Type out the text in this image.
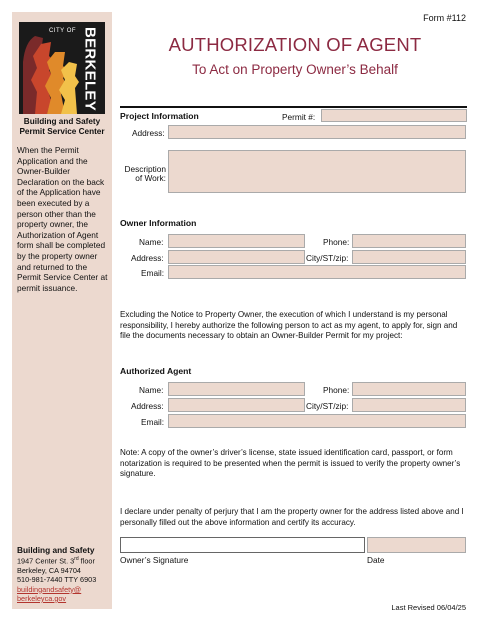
CITY OF BERKELEY
Building and Safety
Permit Service Center
When the Permit Application and the Owner-Builder Declaration on the back of the Application have been executed by a person other than the property owner, the Authorization of Agent form shall be completed by the property owner and returned to the Permit Service Center at permit issuance.
Building and Safety
1947 Center St. 3rd floor
Berkeley, CA 94704
510-981-7440 TTY 6903
buildingandsafety@
berkeleyca.gov
Form #112
AUTHORIZATION OF AGENT
To Act on Property Owner’s Behalf
Project Information	Permit #:
Address:
Description
of Work:
Owner Information
Name:	Phone:
Address:	City/ST/zip:
Email:
Excluding the Notice to Property Owner, the execution of which I understand is my personal responsibility, I hereby authorize the following person to act as my agent, to apply for, sign and file the documents necessary to obtain an Owner-Builder Permit for my project:
Authorized Agent
Name:	Phone:
Address:	City/ST/zip:
Email:
Note: A copy of the owner’s driver’s license, state issued identification card, passport, or form notarization is required to be presented when the permit is issued to verify the property owner’s signature.
I declare under penalty of perjury that I am the property owner for the address listed above and I personally filled out the above information and certify its accuracy.
Owner’s Signature	Date
Last Revised 06/04/25
